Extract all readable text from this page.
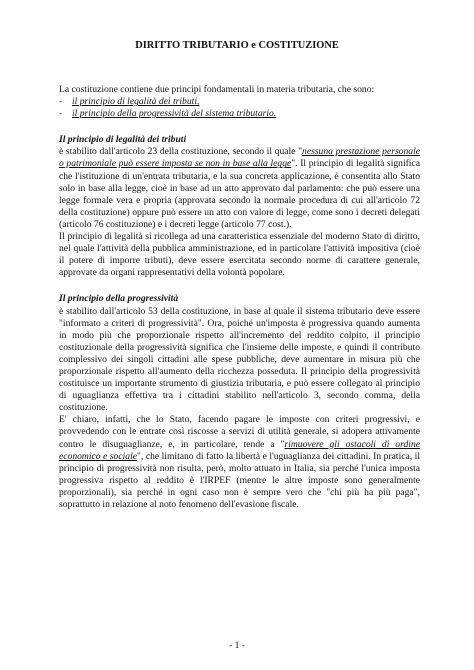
DIRITTO TRIBUTARIO e COSTITUZIONE

La costituzione contiene due principi fondamentali in materia tributaria, che sono:

-	il principio di legalità dei tributi,
-	il principio della progressività del sistema tributario.

Il principio di legalità dei tributi

è stabilito dall'articolo 23 della costituzione, secondo il quale "nessuna prestazione personale o patrimoniale può essere imposta se non in base alla legge". Il principio di legalità significa che l'istituzione di un'entrata tributaria, e la sua concreta applicazione, è consentita allo Stato solo in base alla legge, cioè in base ad un atto approvato dal parlamento: che può essere una legge formale vera e propria (approvata secondo la normale procedura di cui all'articolo 72 della costituzione) oppure può essere un atto con valore di legge, come sono i decreti delegati (articolo 76 costituzione) e i decreti legge (articolo 77 cost.).

Il principio di legalità si ricollega ad una caratteristica essenziale del moderno Stato di diritto, nel quale l'attività della pubblica amministrazione, ed in particolare l'attività impositiva (cioè il potere di imporre tributi), deve essere esercitata secondo norme di carattere generale, approvate da organi rappresentativi della volontà popolare.

Il principio della progressività

è stabilito dall'articolo 53 della costituzione, in base al quale il sistema tributario deve essere "informato a criteri di progressività". Ora, poiché un'imposta è progressiva quando aumenta in modo più che proporzionale rispetto all'incremento del reddito colpito, il principio costituzionale della progressività significa che l'insieme delle imposte, e quindi il contributo complessivo dei singoli cittadini alle spese pubbliche, deve aumentare in misura più che proporzionale rispetto all'aumento della ricchezza posseduta. Il principio della progressività costituisce un importante strumento di giustizia tributaria, e può essere collegato al principio di uguaglianza effettiva tra i cittadini stabilito nell'articolo 3, secondo comma, della costituzione.

E' chiaro, infatti, che lo Stato, facendo pagare le imposte con criteri progressivi, e provvedendo con le entrate così riscosse a servizi di utilità generale, si adopera attivamente contro le disuguaglianze, e, in particolare, tende a "rimuovere gli ostacoli di ordine economico e sociale", che limitano di fatto la libertà e l'uguaglianza dei cittadini. In pratica, il principio di progressività non risulta, però, molto attuato in Italia, sia perché l'unica imposta progressiva rispetto al reddito è l'IRPEF (mentre le altre imposte sono generalmente proporzionali), sia perché in ogni caso non è sempre vero che "chi più ha più paga", soprattutto in relazione al noto fenomeno dell'evasione fiscale.

- 1 -
